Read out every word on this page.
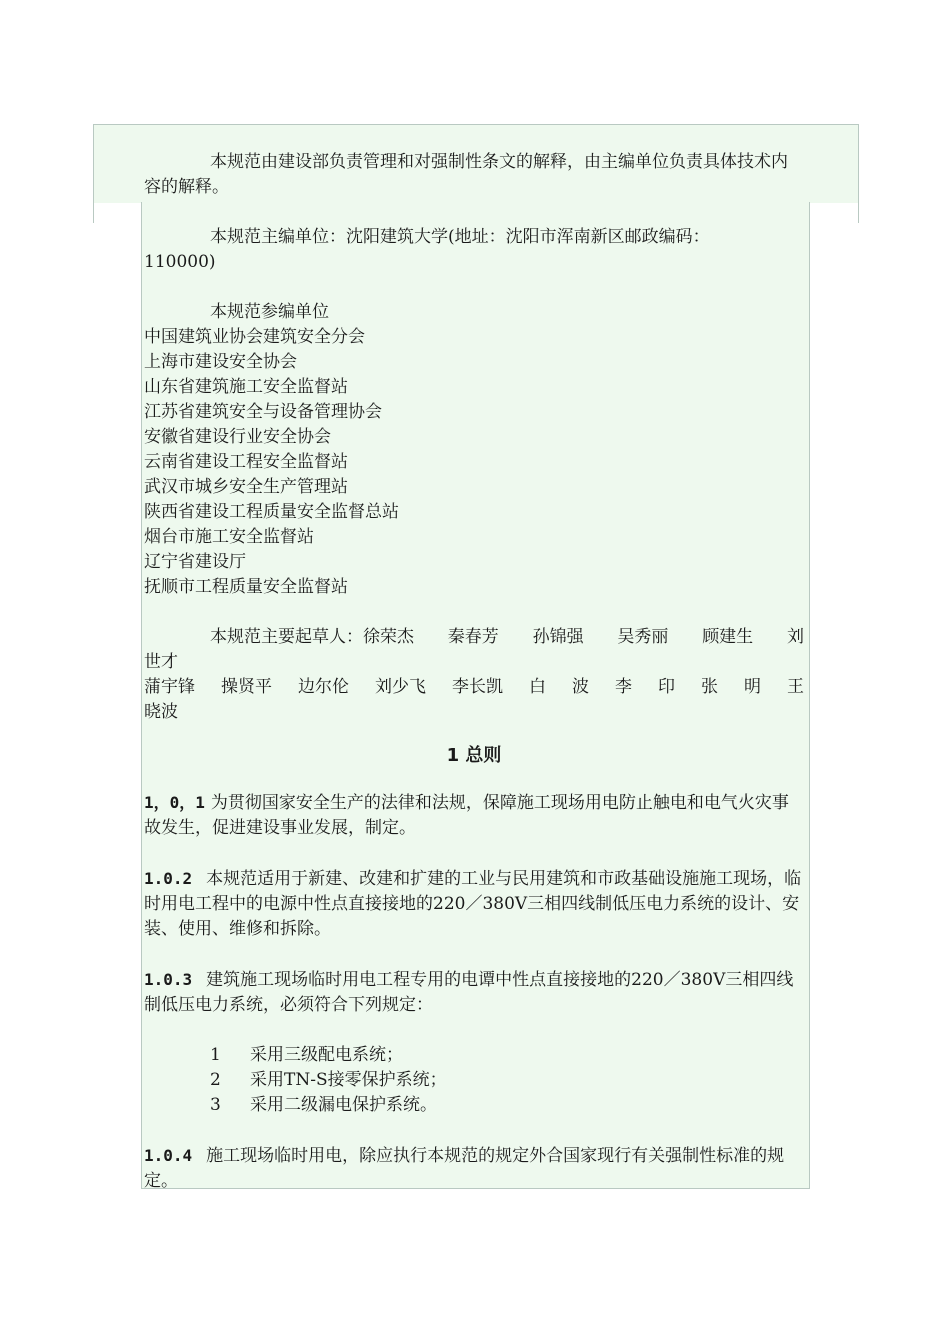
本规范由建设部负责管理和对强制性条文的解释，由主编单位负责具体技术内容的解释。

本规范主编单位：沈阳建筑大学(地址：沈阳市浑南新区邮政编码：

110000)

本规范参编单位

中国建筑业协会建筑安全分会

上海市建设安全协会

山东省建筑施工安全监督站

江苏省建筑安全与设备管理协会

安徽省建设行业安全协会

云南省建设工程安全监督站

武汉市城乡安全生产管理站

陕西省建设工程质量安全监督总站

烟台市施工安全监督站

辽宁省建设厅

抚顺市工程质量安全监督站

本规范主要起草人：徐荣杰 秦春芳 孙锦强 吴秀丽 顾建生 刘

世才

蒲宇锋 操贤平 边尔伦 刘少飞 李长凯 白 波 李 印 张 明 王

晓波

1 总则

1，0，1 为贯彻国家安全生产的法律和法规，保障施工现场用电防止触电和电气火灾事故发生，促进建设事业发展，制定。

1.0.2 本规范适用于新建、改建和扩建的工业与民用建筑和市政基础设施施工现场，临时用电工程中的电源中性点直接接地的220／380V三相四线制低压电力系统的设计、安装、使用、维修和拆除。

1.0.3 建筑施工现场临时用电工程专用的电谭中性点直接接地的220／380V三相四线制低压电力系统，必须符合下列规定：

1 采用三级配电系统；
2 采用TN-S接零保护系统；
3 采用二级漏电保护系统。

1.0.4 施工现场临时用电，除应执行本规范的规定外合国家现行有关强制性标准的规定。
